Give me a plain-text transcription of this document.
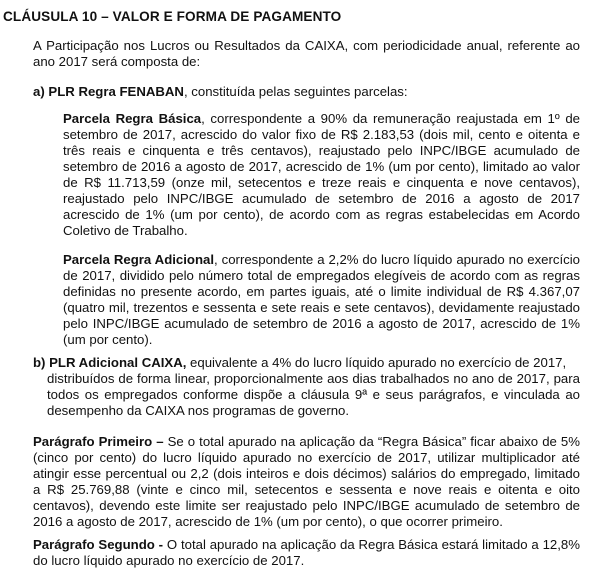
CLÁUSULA 10 – VALOR E FORMA DE PAGAMENTO

A Participação nos Lucros ou Resultados da CAIXA, com periodicidade anual, referente ao ano 2017 será composta de:

a) PLR Regra FENABAN, constituída pelas seguintes parcelas:

Parcela Regra Básica, correspondente a 90% da remuneração reajustada em 1º de setembro de 2017, acrescido do valor fixo de R$ 2.183,53 (dois mil, cento e oitenta e três reais e cinquenta e três centavos), reajustado pelo INPC/IBGE acumulado de setembro de 2016 a agosto de 2017, acrescido de 1% (um por cento), limitado ao valor de R$ 11.713,59 (onze mil, setecentos e treze reais e cinquenta e nove centavos), reajustado pelo INPC/IBGE acumulado de setembro de 2016 a agosto de 2017 acrescido de 1% (um por cento), de acordo com as regras estabelecidas em Acordo Coletivo de Trabalho.

Parcela Regra Adicional, correspondente a 2,2% do lucro líquido apurado no exercício de 2017, dividido pelo número total de empregados elegíveis de acordo com as regras definidas no presente acordo, em partes iguais, até o limite individual de R$ 4.367,07 (quatro mil, trezentos e sessenta e sete reais e sete centavos), devidamente reajustado pelo INPC/IBGE acumulado de setembro de 2016 a agosto de 2017, acrescido de 1% (um por cento).

b) PLR Adicional CAIXA, equivalente a 4% do lucro líquido apurado no exercício de 2017,
distribuídos de forma linear, proporcionalmente aos dias trabalhados no ano de 2017, para todos os empregados conforme dispõe a cláusula 9ª e seus parágrafos, e vinculada ao desempenho da CAIXA nos programas de governo.

Parágrafo Primeiro – Se o total apurado na aplicação da “Regra Básica” ficar abaixo de 5% (cinco por cento) do lucro líquido apurado no exercício de 2017, utilizar multiplicador até atingir esse percentual ou 2,2 (dois inteiros e dois décimos) salários do empregado, limitado a R$ 25.769,88 (vinte e cinco mil, setecentos e sessenta e nove reais e oitenta e oito centavos), devendo este limite ser reajustado pelo INPC/IBGE acumulado de setembro de 2016 a agosto de 2017, acrescido de 1% (um por cento), o que ocorrer primeiro.

Parágrafo Segundo - O total apurado na aplicação da Regra Básica estará limitado a 12,8% do lucro líquido apurado no exercício de 2017.
